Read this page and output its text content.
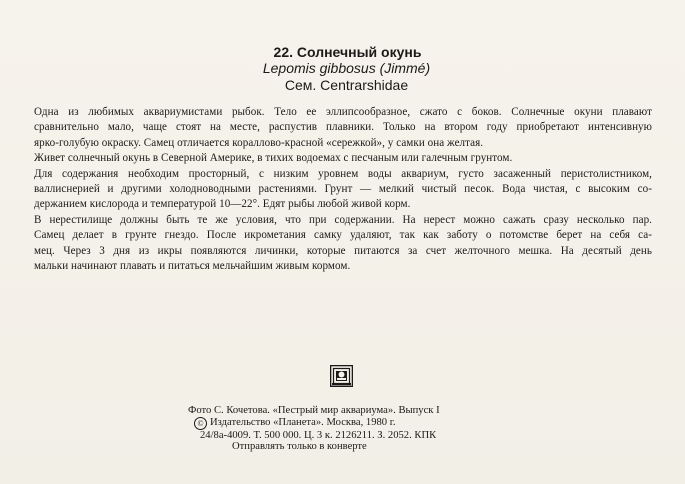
22. Солнечный окунь
Lepomis gibbosus (Jimmé)
Сем. Centrarshidae
Одна из любимых аквариумистами рыбок. Тело ее эллипсообразное, сжато с боков. Солнечные окуни плавают
сравнительно мало, чаще стоят на месте, распустив плавники. Только на втором году приобретают интенсивную
ярко-голубую окраску. Самец отличается кораллово-красной «сережкой», у самки она желтая.
Живет солнечный окунь в Северной Америке, в тихих водоемах с песчаным или галечным грунтом.
Для содержания необходим просторный, с низким уровнем воды аквариум, густо засаженный перистолистником,
валлиснерией и другими холодноводными растениями. Грунт — мелкий чистый песок. Вода чистая, с высоким со-
держанием кислорода и температурой 10—22°. Едят рыбы любой живой корм.
В нерестилище должны быть те же условия, что при содержании. На нерест можно сажать сразу несколько пар.
Самец делает в грунте гнездо. После икрометания самку удаляют, так как заботу о потомстве берет на себя са-
мец. Через 3 дня из икры появляются личинки, которые питаются за счет желточного мешка. На десятый день
мальки начинают плавать и питаться мельчайшим живым кормом.
Фото С. Кочетова. «Пестрый мир аквариума». Выпуск I
© Издательство «Планета». Москва, 1980 г.
24/8а-4009. Т. 500 000. Ц. 3 к. 2126211. З. 2052. КПК
Отправлять только в конверте
